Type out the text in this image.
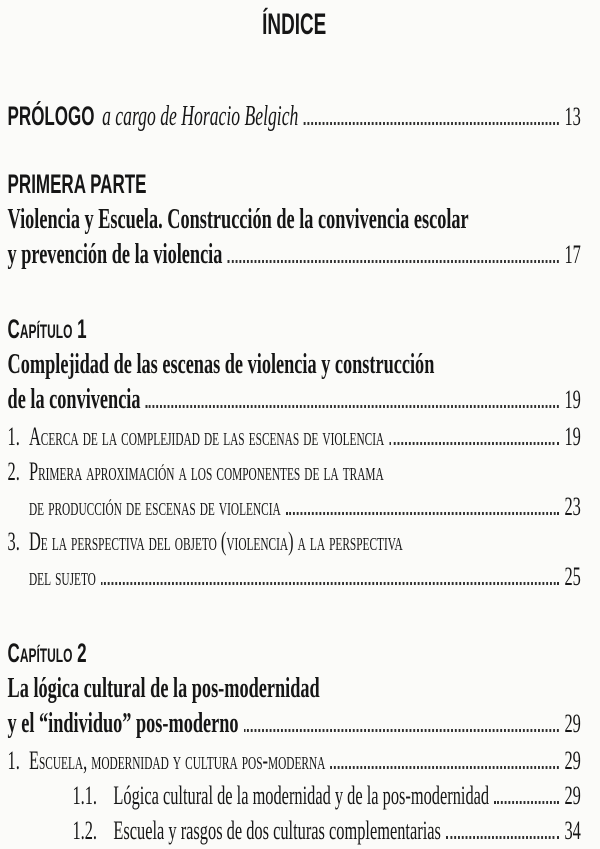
ÍNDICE
PRÓLOGO a cargo de Horacio Belgich	13
PRIMERA PARTE
Violencia y Escuela. Construcción de la convivencia escolar
y prevención de la violencia	17
Capítulo 1
Complejidad de las escenas de violencia y construcción
de la convivencia	19
1. Acerca de la complejidad de las escenas de violencia	19
2. Primera aproximación a los componentes de la trama
de producción de escenas de violencia	23
3. De la perspectiva del objeto (violencia) a la perspectiva
del sujeto	25
Capítulo 2
La lógica cultural de la pos-modernidad
y el “individuo” pos-moderno	29
1. Escuela, modernidad y cultura pos-moderna	29
1.1. Lógica cultural de la modernidad y de la pos-modernidad	29
1.2. Escuela y rasgos de dos culturas complementarias	34
